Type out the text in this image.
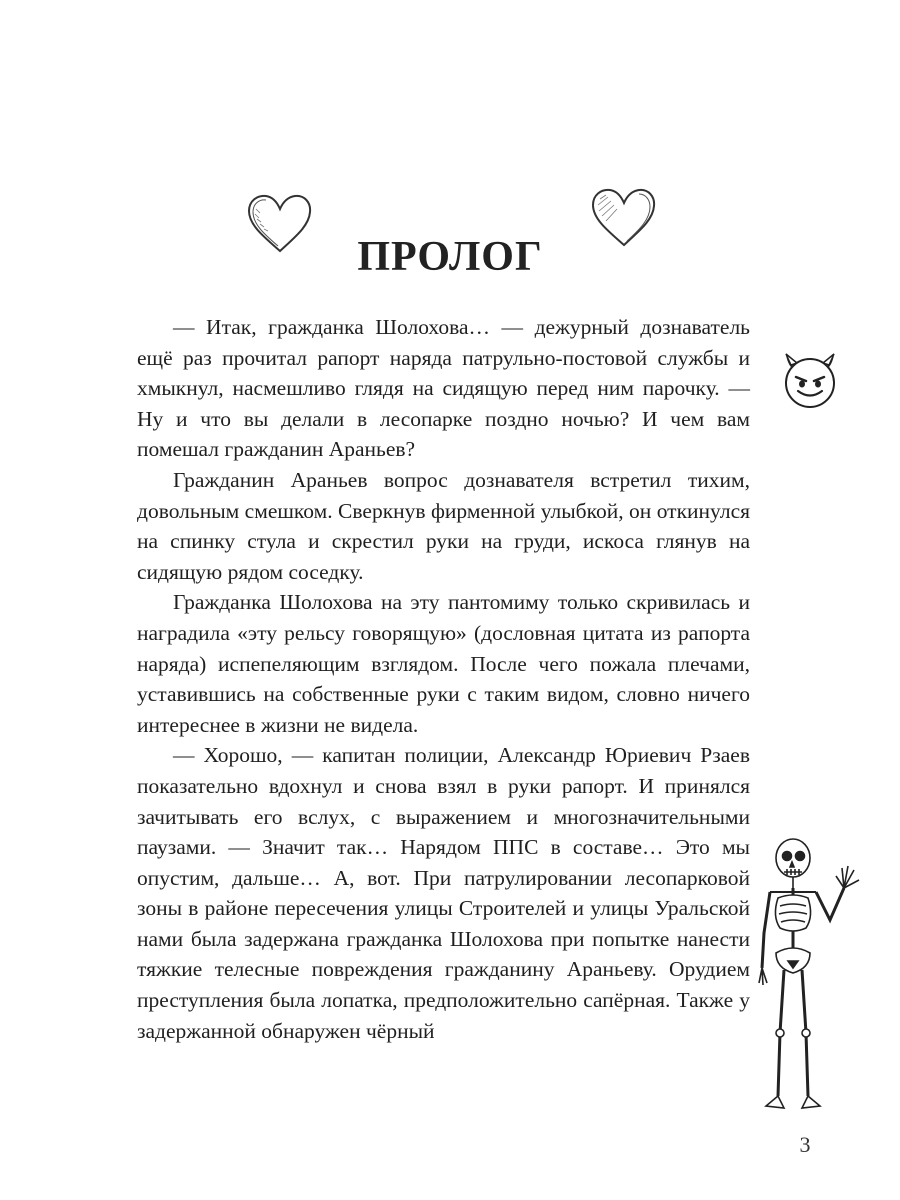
ПРОЛОГ

— Итак, гражданка Шолохова… — дежурный дознаватель ещё раз прочитал рапорт наряда патрульно-постовой службы и хмыкнул, насмешливо глядя на сидящую перед ним парочку. — Ну и что вы делали в лесопарке поздно ночью? И чем вам помешал гражданин Араньев?

Гражданин Араньев вопрос дознавателя встретил тихим, довольным смешком. Сверкнув фирменной улыбкой, он откинулся на спинку стула и скрестил руки на груди, искоса глянув на сидящую рядом соседку.

Гражданка Шолохова на эту пантомиму только скривилась и наградила «эту рельсу говорящую» (дословная цитата из рапорта наряда) испепеляющим взглядом. После чего пожала плечами, уставившись на собственные руки с таким видом, словно ничего интереснее в жизни не видела.

— Хорошо, — капитан полиции, Александр Юриевич Рзаев показательно вдохнул и снова взял в руки рапорт. И принялся зачитывать его вслух, с выражением и многозначительными паузами. — Значит так… Нарядом ППС в составе… Это мы опустим, дальше… А, вот. При патрулировании лесопарковой зоны в районе пересечения улицы Строителей и улицы Уральской нами была задержана гражданка Шолохова при попытке нанести тяжкие телесные повреждения гражданину Араньеву. Орудием преступления была лопатка, предположительно сапёрная. Также у задержанной обнаружен чёрный

3
